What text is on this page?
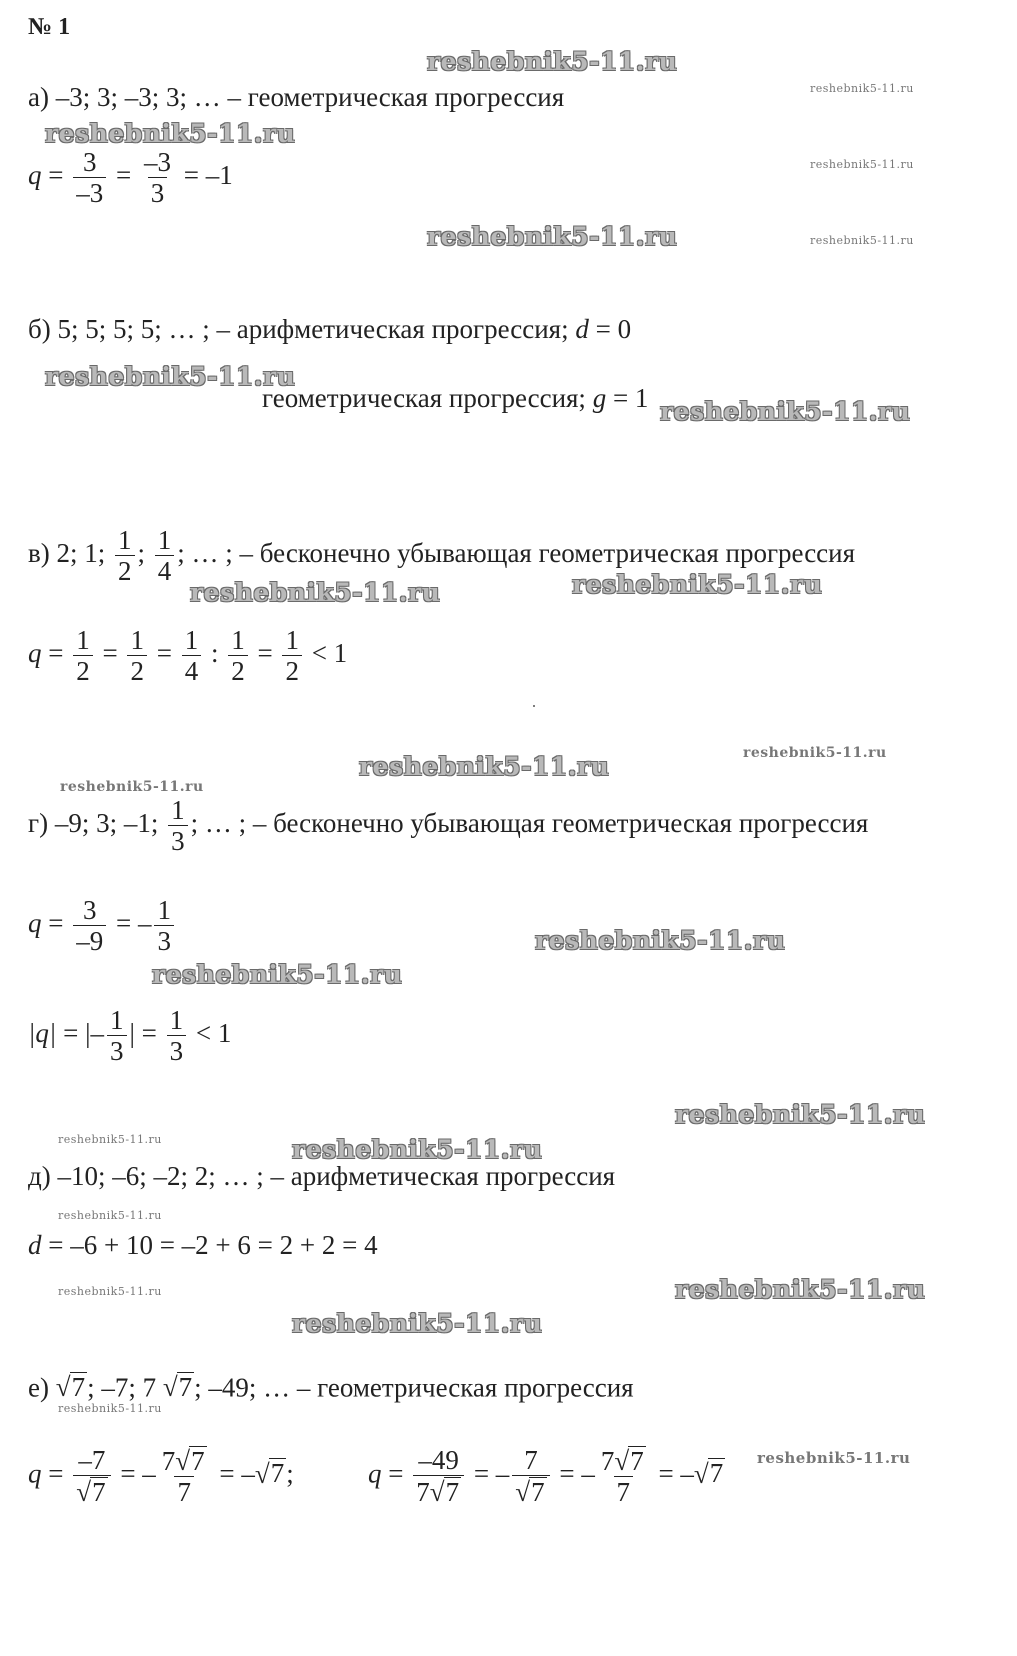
№ 1
а) –3; 3; –3; 3; … – геометрическая прогрессия
$q = \frac{3}{-3} = \frac{-3}{3} = -1$
б) 5; 5; 5; 5; … ; – арифметическая прогрессия; d = 0
геометрическая прогрессия; g = 1
в) 2; 1; $\frac{1}{2}$ ; $\frac{1}{4}$ ; … ; – бесконечно убывающая геометрическая прогрессия
$q = \frac{1}{2} = \frac{1}{2} = \frac{1}{4}$ : $\frac{1}{2} = \frac{1}{2} < 1$
г) –9; 3; –1; $\frac{1}{3}$ ; … ; – бесконечно убывающая геометрическая прогрессия
$q = \frac{3}{-9}$ = – $\frac{1}{3}$
|q| = |– $\frac{1}{3}$ | = $\frac{1}{3} < 1$
д) –10; –6; –2; 2; … ; – арифметическая прогрессия
d = –6 + 10 = –2 + 6 = 2 + 2 = 4
е) √ 7 ; –7; 7 √ 7 ; –49; … – геометрическая прогрессия
$q = \frac{-7}{√ 7}$ = – $\frac{7 √ 7}{7}$ = – √ 7 ;	$q = \frac{-49}{7 √ 7}$ = – $\frac{7}{√ 7}$ = – $\frac{7 √ 7}{7}$ = – √ 7
reshebnik5-11.ru
reshebnik5-11.ru
reshebnik5-11.ru
reshebnik5-11.ru
reshebnik5-11.ru	reshebnik5-11.ru
reshebnik5-11.ru
reshebnik5-11.ru
reshebnik5-11.ru	reshebnik5-11.ru
reshebnik5-11.ru	reshebnik5-11.ru
reshebnik5-11.ru
reshebnik5-11.ru
reshebnik5-11.ru
reshebnik5-11.ru
reshebnik5-11.ru	reshebnik5-11.ru
reshebnik5-11.ru
reshebnik5-11.ru
reshebnik5-11.ru
reshebnik5-11.ru
reshebnik5-11.ru
reshebnik5-11.ru
